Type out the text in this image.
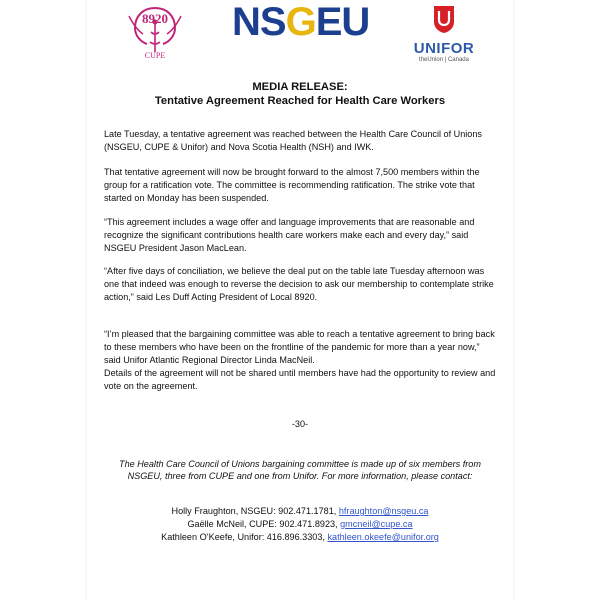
8920
CUPE
NSGEU
UNIFOR
theUnion | Canada
MEDIA RELEASE:
Tentative Agreement Reached for Health Care Workers

Late Tuesday, a tentative agreement was reached between the Health Care Council of Unions (NSGEU, CUPE & Unifor) and Nova Scotia Health (NSH) and IWK.

That tentative agreement will now be brought forward to the almost 7,500 members within the group for a ratification vote. The committee is recommending ratification. The strike vote that started on Monday has been suspended.

“This agreement includes a wage offer and language improvements that are reasonable and recognize the significant contributions health care workers make each and every day,” said NSGEU President Jason MacLean.

“After five days of conciliation, we believe the deal put on the table late Tuesday afternoon was one that indeed was enough to reverse the decision to ask our membership to contemplate strike action,” said Les Duff Acting President of Local 8920.

“I’m pleased that the bargaining committee was able to reach a tentative agreement to bring back to these members who have been on the frontline of the pandemic for more than a year now,” said Unifor Atlantic Regional Director Linda MacNeil.

Details of the agreement will not be shared until members have had the opportunity to review and vote on the agreement.

-30-
The Health Care Council of Unions bargaining committee is made up of six members from NSGEU, three from CUPE and one from Unifor. For more information, please contact:
Holly Fraughton, NSGEU: 902.471.1781, hfraughton@nsgeu.ca
Gaëlle McNeil, CUPE: 902.471.8923, gmcneil@cupe.ca
Kathleen O’Keefe, Unifor: 416.896.3303, kathleen.okeefe@unifor.org
